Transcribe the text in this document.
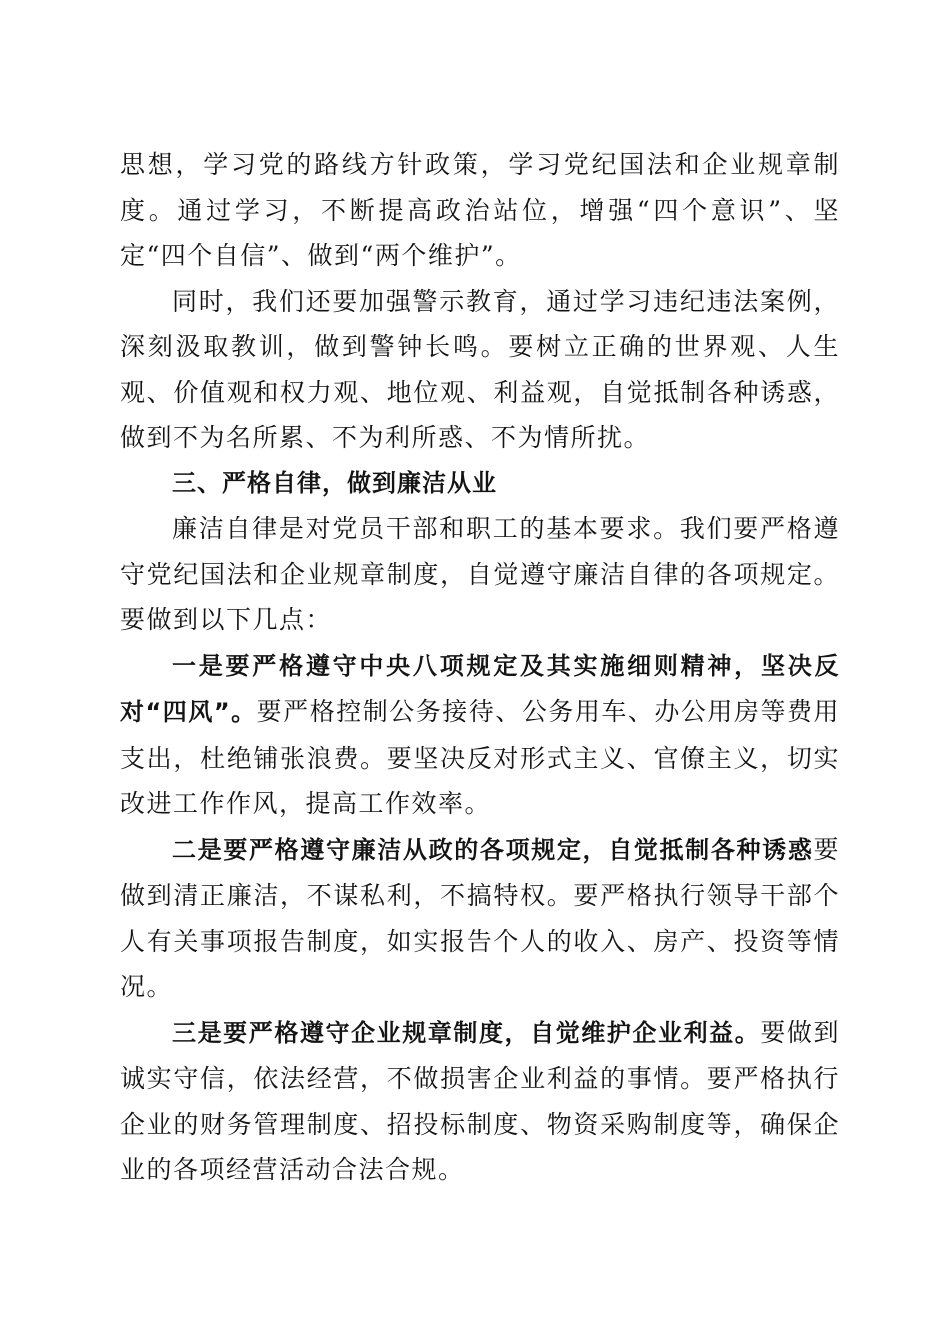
思想，学习党的路线方针政策，学习党纪国法和企业规章制度。通过学习，不断提高政治站位，增强“四个意识”、坚定“四个自信”、做到“两个维护”。

同时，我们还要加强警示教育，通过学习违纪违法案例，深刻汲取教训，做到警钟长鸣。要树立正确的世界观、人生观、价值观和权力观、地位观、利益观，自觉抵制各种诱惑，做到不为名所累、不为利所惑、不为情所扰。

三、严格自律，做到廉洁从业

廉洁自律是对党员干部和职工的基本要求。我们要严格遵守党纪国法和企业规章制度，自觉遵守廉洁自律的各项规定。要做到以下几点：

一是要严格遵守中央八项规定及其实施细则精神，坚决反对“四风”。要严格控制公务接待、公务用车、办公用房等费用支出，杜绝铺张浪费。要坚决反对形式主义、官僚主义，切实改进工作作风，提高工作效率。

二是要严格遵守廉洁从政的各项规定，自觉抵制各种诱惑要做到清正廉洁，不谋私利，不搞特权。要严格执行领导干部个人有关事项报告制度，如实报告个人的收入、房产、投资等情况。

三是要严格遵守企业规章制度，自觉维护企业利益。要做到诚实守信，依法经营，不做损害企业利益的事情。要严格执行企业的财务管理制度、招投标制度、物资采购制度等，确保企业的各项经营活动合法合规。
